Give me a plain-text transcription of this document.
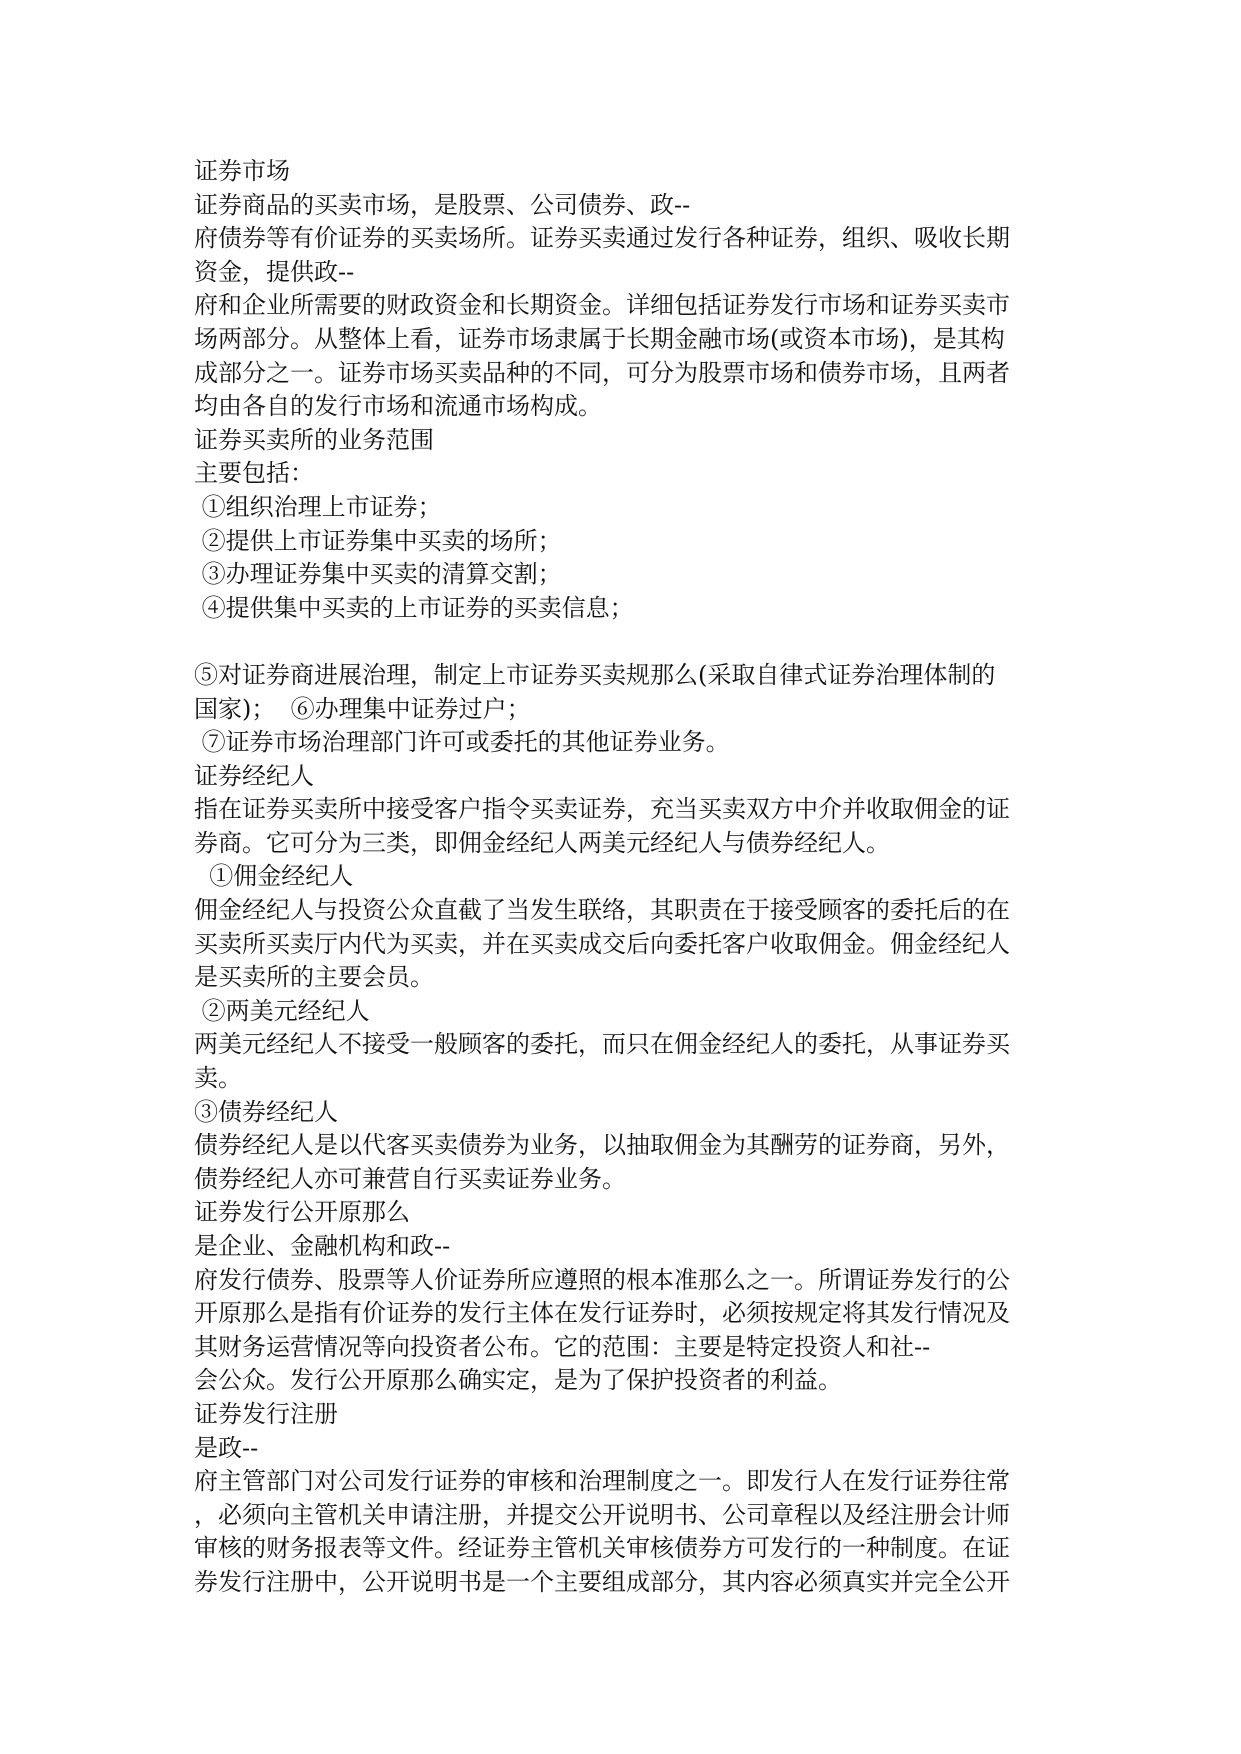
证券市场
证券商品的买卖市场，是股票、公司债券、政--
府债券等有价证券的买卖场所。证券买卖通过发行各种证券，组织、吸收长期
资金，提供政--
府和企业所需要的财政资金和长期资金。详细包括证券发行市场和证券买卖市
场两部分。从整体上看，证券市场隶属于长期金融市场(或资本市场)，是其构
成部分之一。证券市场买卖品种的不同，可分为股票市场和债券市场，且两者
均由各自的发行市场和流通市场构成。
证券买卖所的业务范围
主要包括：
①组织治理上市证券；
②提供上市证券集中买卖的场所；
③办理证券集中买卖的清算交割；
④提供集中买卖的上市证券的买卖信息；
⑤对证券商进展治理，制定上市证券买卖规那么(采取自律式证券治理体制的
国家)；  ⑥办理集中证券过户；
⑦证券市场治理部门许可或委托的其他证券业务。
证券经纪人
指在证券买卖所中接受客户指令买卖证券，充当买卖双方中介并收取佣金的证
券商。它可分为三类，即佣金经纪人两美元经纪人与债券经纪人。
①佣金经纪人
佣金经纪人与投资公众直截了当发生联络，其职责在于接受顾客的委托后的在
买卖所买卖厅内代为买卖，并在买卖成交后向委托客户收取佣金。佣金经纪人
是买卖所的主要会员。
②两美元经纪人
两美元经纪人不接受一般顾客的委托，而只在佣金经纪人的委托，从事证券买
卖。
③债券经纪人
债券经纪人是以代客买卖债券为业务，以抽取佣金为其酬劳的证券商，另外，
债券经纪人亦可兼营自行买卖证券业务。
证券发行公开原那么
是企业、金融机构和政--
府发行债券、股票等人价证券所应遵照的根本准那么之一。所谓证券发行的公
开原那么是指有价证券的发行主体在发行证券时，必须按规定将其发行情况及
其财务运营情况等向投资者公布。它的范围：主要是特定投资人和社--
会公众。发行公开原那么确实定，是为了保护投资者的利益。
证券发行注册
是政--
府主管部门对公司发行证券的审核和治理制度之一。即发行人在发行证券往常
，必须向主管机关申请注册，并提交公开说明书、公司章程以及经注册会计师
审核的财务报表等文件。经证券主管机关审核债券方可发行的一种制度。在证
券发行注册中，公开说明书是一个主要组成部分，其内容必须真实并完全公开
